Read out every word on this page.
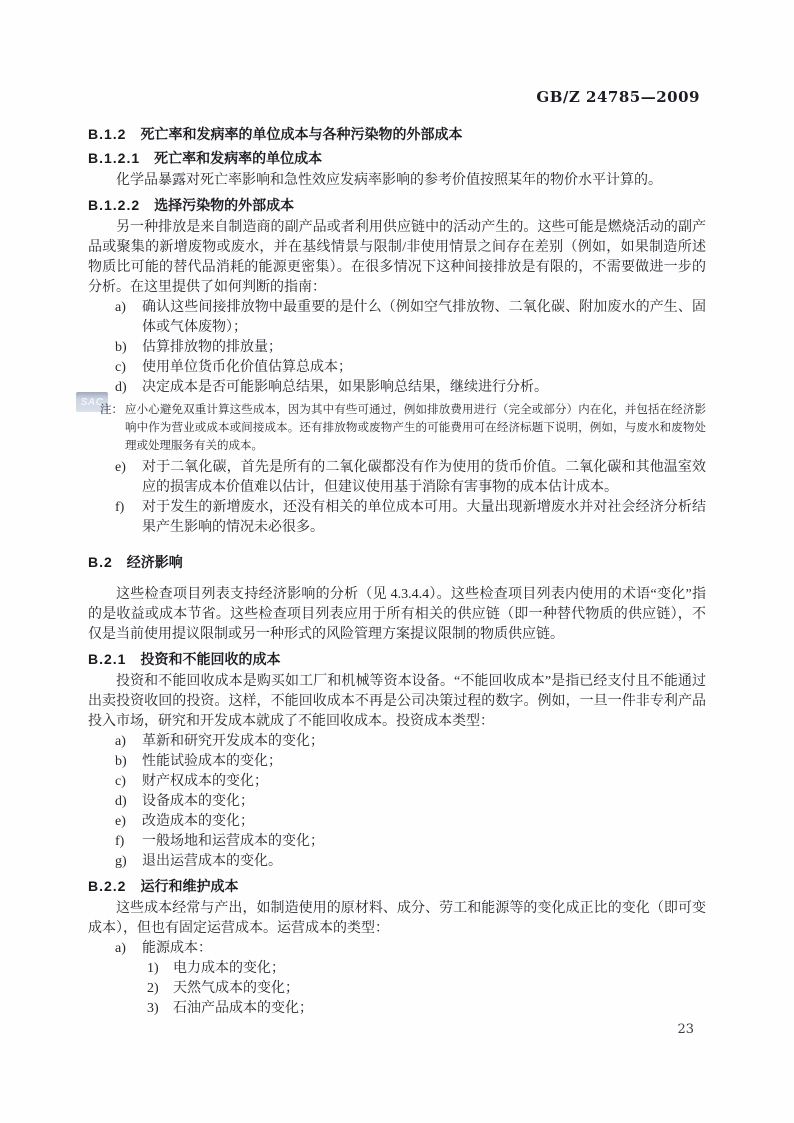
GB/Z 24785—2009
SAC
B.1.2 死亡率和发病率的单位成本与各种污染物的外部成本
B.1.2.1 死亡率和发病率的单位成本

化学品暴露对死亡率影响和急性效应发病率影响的参考价值按照某年的物价水平计算的。

B.1.2.2 选择污染物的外部成本

另一种排放是来自制造商的副产品或者利用供应链中的活动产生的。这些可能是燃烧活动的副产品或聚集的新增废物或废水，并在基线情景与限制/非使用情景之间存在差别（例如，如果制造所述物质比可能的替代品消耗的能源更密集）。在很多情况下这种间接排放是有限的，不需要做进一步的分析。在这里提供了如何判断的指南：

a)	确认这些间接排放物中最重要的是什么（例如空气排放物、二氧化碳、附加废水的产生、固体或气体废物）；
b)	估算排放物的排放量；
c)	使用单位货币化价值估算总成本；
d)	决定成本是否可能影响总结果，如果影响总结果，继续进行分析。
注： 应小心避免双重计算这些成本，因为其中有些可通过，例如排放费用进行（完全或部分）内在化，并包括在经济影响中作为营业或成本或间接成本。还有排放物或废物产生的可能费用可在经济标题下说明，例如，与废水和废物处理或处理服务有关的成本。
e)	对于二氧化碳，首先是所有的二氧化碳都没有作为使用的货币价值。二氧化碳和其他温室效应的损害成本价值难以估计，但建议使用基于消除有害事物的成本估计成本。
f)	对于发生的新增废水，还没有相关的单位成本可用。大量出现新增废水并对社会经济分析结果产生影响的情况未必很多。
B.2 经济影响

这些检查项目列表支持经济影响的分析（见 4.3.4.4）。这些检查项目列表内使用的术语“变化”指的是收益或成本节省。这些检查项目列表应用于所有相关的供应链（即一种替代物质的供应链），不仅是当前使用提议限制或另一种形式的风险管理方案提议限制的物质供应链。

B.2.1 投资和不能回收的成本

投资和不能回收成本是购买如工厂和机械等资本设备。“不能回收成本”是指已经支付且不能通过出卖投资收回的投资。这样，不能回收成本不再是公司决策过程的数字。例如，一旦一件非专利产品投入市场，研究和开发成本就成了不能回收成本。投资成本类型：

a)	革新和研究开发成本的变化；
b)	性能试验成本的变化；
c)	财产权成本的变化；
d)	设备成本的变化；
e)	改造成本的变化；
f)	一般场地和运营成本的变化；
g)	退出运营成本的变化。
B.2.2 运行和维护成本

这些成本经常与产出，如制造使用的原材料、成分、劳工和能源等的变化成正比的变化（即可变成本），但也有固定运营成本。运营成本的类型：

a)	能源成本：
1)	电力成本的变化；
2)	天然气成本的变化；
3)	石油产品成本的变化；
23
